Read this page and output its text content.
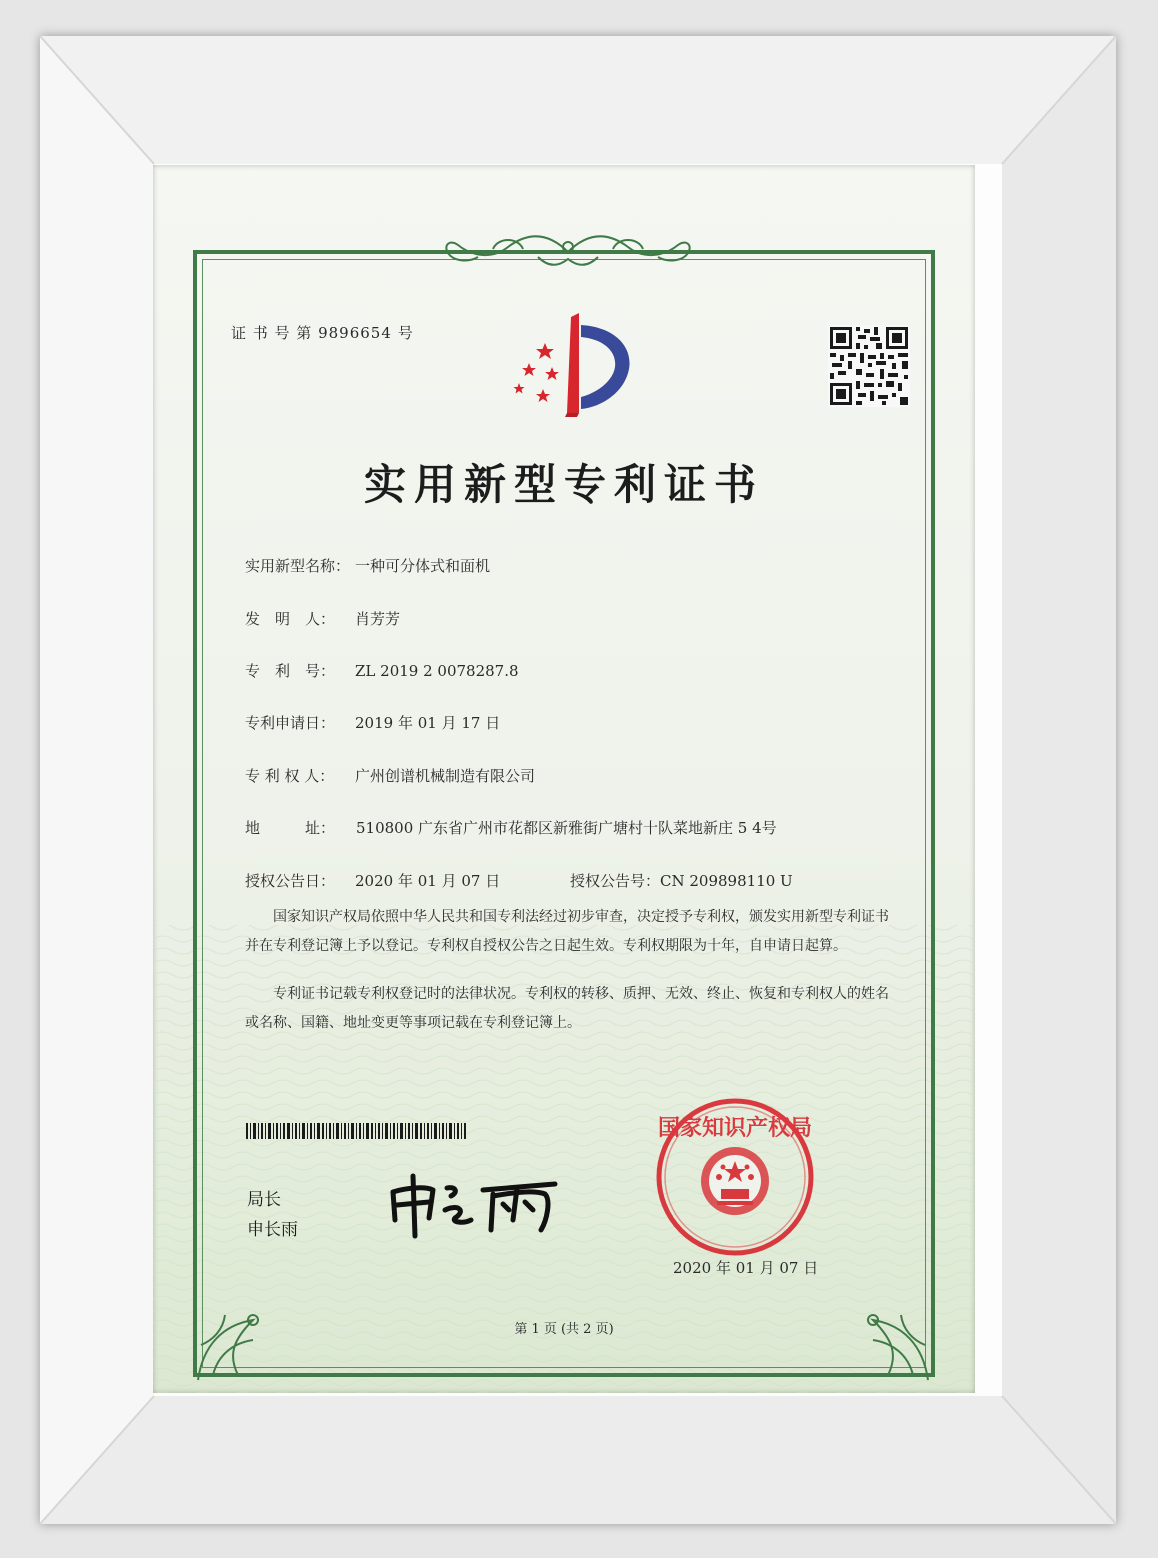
证 书 号 第 9896654 号
实用新型专利证书
实用新型名称： 一种可分体式和面机
发　明　人： 肖芳芳
专　利　号： ZL 2019 2 0078287.8
专利申请日： 2019 年 01 月 17 日
专 利 权 人： 广州创谱机械制造有限公司
地　　　址：	510800 广东省广州市花都区新雅街广塘村十队菜地新庄 5 4号
授权公告日： 2020 年 01 月 07 日	授权公告号：CN 209898110 U
国家知识产权局依照中华人民共和国专利法经过初步审查，决定授予专利权，颁发实用新型专利证书并在专利登记簿上予以登记。专利权自授权公告之日起生效。专利权期限为十年，自申请日起算。
专利证书记载专利权登记时的法律状况。专利权的转移、质押、无效、终止、恢复和专利权人的姓名或名称、国籍、地址变更等事项记载在专利登记簿上。
局长
申长雨
国家知识产权局
2020 年 01 月 07 日
第 1 页 (共 2 页)
